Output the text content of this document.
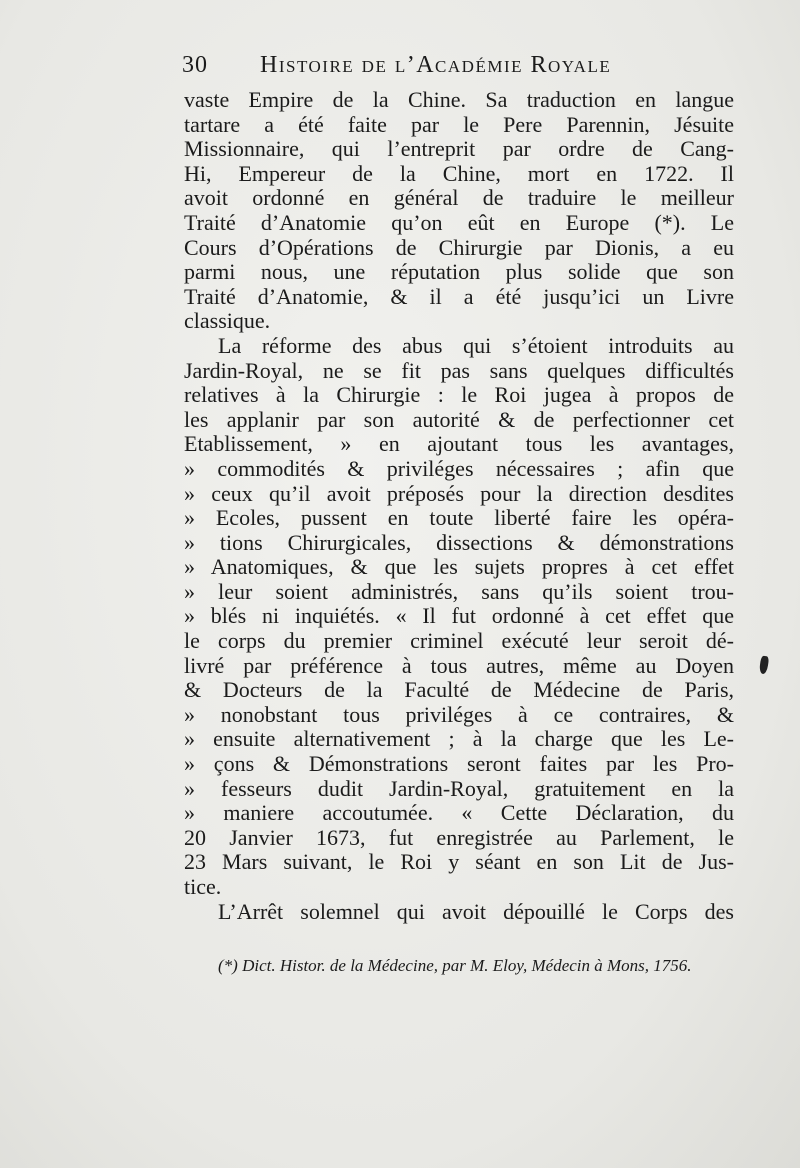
30 Histoire de l’Académie Royale
vaste Empire de la Chine. Sa traduction en langue
tartare a été faite par le Pere Parennin, Jésuite
Missionnaire, qui l’entreprit par ordre de Cang-
Hi, Empereur de la Chine, mort en 1722. Il
avoit ordonné en général de traduire le meilleur
Traité d’Anatomie qu’on eût en Europe (*). Le
Cours d’Opérations de Chirurgie par Dionis, a eu
parmi nous, une réputation plus solide que son
Traité d’Anatomie, & il a été jusqu’ici un Livre
classique.
La réforme des abus qui s’étoient introduits au
Jardin-Royal, ne se fit pas sans quelques difficultés
relatives à la Chirurgie : le Roi jugea à propos de
les applanir par son autorité & de perfectionner cet
Etablissement, » en ajoutant tous les avantages,
» commodités & priviléges nécessaires ; afin que
» ceux qu’il avoit préposés pour la direction desdites
» Ecoles, pussent en toute liberté faire les opéra-
» tions Chirurgicales, dissections & démonstrations
» Anatomiques, & que les sujets propres à cet effet
» leur soient administrés, sans qu’ils soient trou-
» blés ni inquiétés. « Il fut ordonné à cet effet que
le corps du premier criminel exécuté leur seroit dé-
livré par préférence à tous autres, même au Doyen
& Docteurs de la Faculté de Médecine de Paris,
» nonobstant tous priviléges à ce contraires, &
» ensuite alternativement ; à la charge que les Le-
» çons & Démonstrations seront faites par les Pro-
» fesseurs dudit Jardin-Royal, gratuitement en la
» maniere accoutumée. « Cette Déclaration, du
20 Janvier 1673, fut enregistrée au Parlement, le
23 Mars suivant, le Roi y séant en son Lit de Jus-
tice.
L’Arrêt solemnel qui avoit dépouillé le Corps des
(*) Dict. Histor. de la Médecine, par M. Eloy, Médecin à Mons, 1756.
